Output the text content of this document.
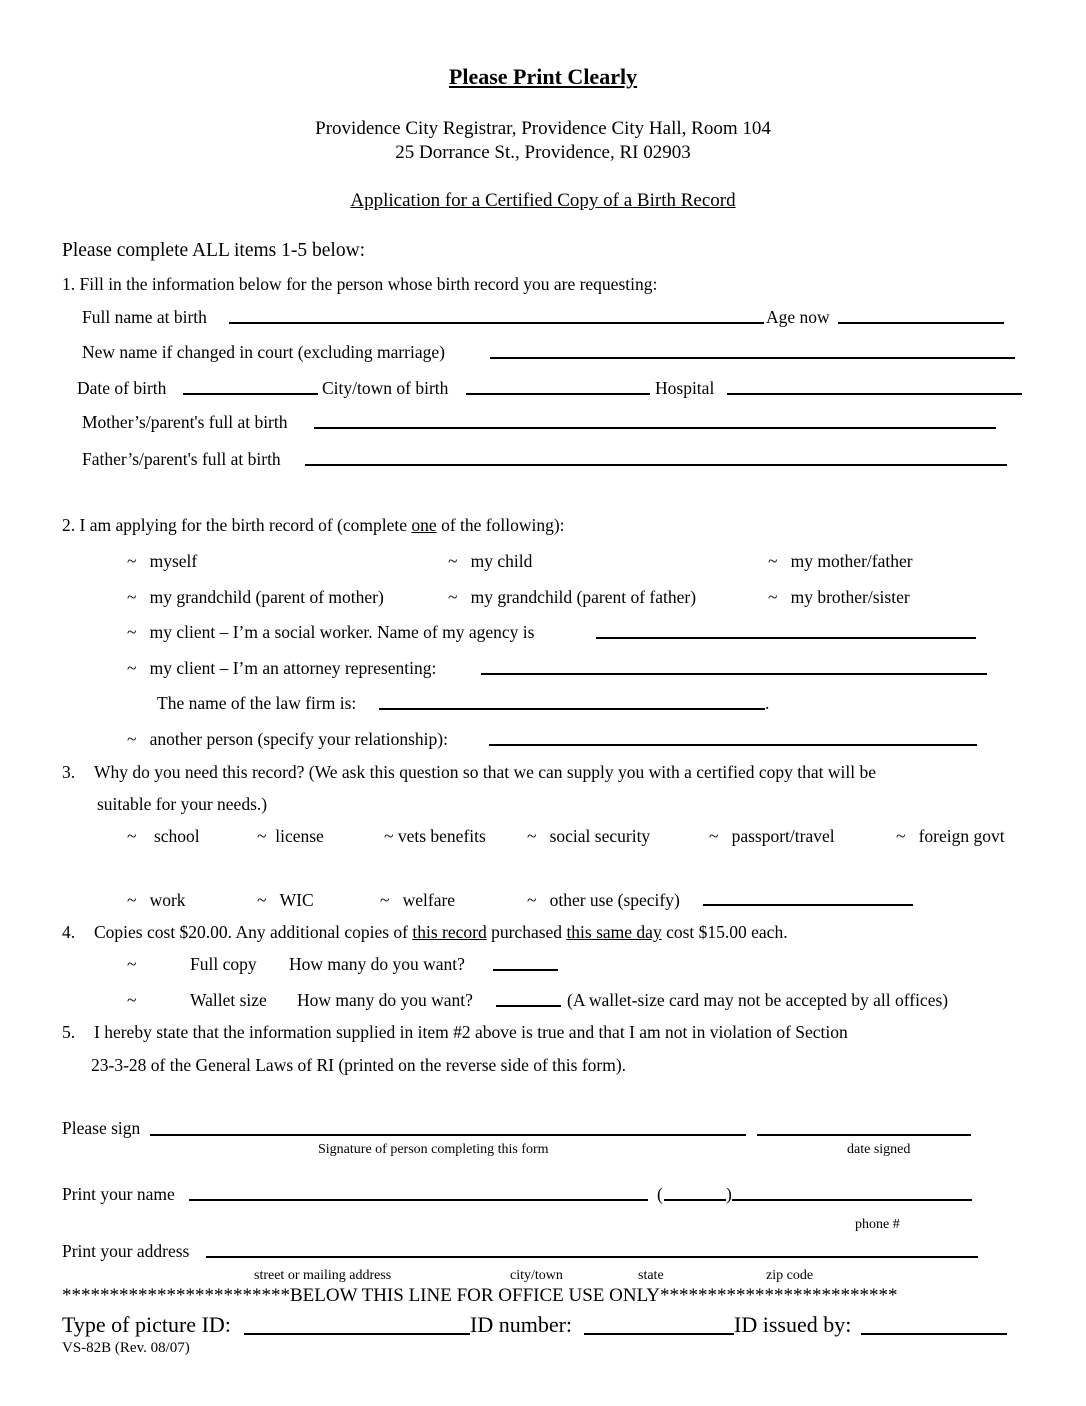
Please Print Clearly
Providence City Registrar, Providence City Hall, Room 104
25 Dorrance St., Providence, RI 02903
Application for a Certified Copy of a Birth Record
Please complete ALL items 1-5 below:
1. Fill in the information below for the person whose birth record you are requesting:
Full name at birth	Age now
New name if changed in court (excluding marriage)
Date of birth	City/town of birth	Hospital
Mother’s/parent's full at birth
Father’s/parent's full at birth
2. I am applying for the birth record of (complete one of the following):
~ myself	~ my child	~ my mother/father
~ my grandchild (parent of mother)	~ my grandchild (parent of father)	~ my brother/sister
~ my client – I’m a social worker. Name of my agency is
~ my client – I’m an attorney representing:
The name of the law firm is:	.
~ another person (specify your relationship):
3. Why do you need this record? (We ask this question so that we can supply you with a certified copy that will be
suitable for your needs.)
~ school	~ license	~ vets benefits ~ social security	~ passport/travel	~ foreign govt
~ work	~ WIC	~ welfare	~ other use (specify)
4. Copies cost $20.00. Any additional copies of this record purchased this same day cost $15.00 each.
~	Full copy How many do you want?
~	Wallet size How many do you want?	(A wallet-size card may not be accepted by all offices)
5. I hereby state that the information supplied in item #2 above is true and that I am not in violation of Section
23-3-28 of the General Laws of RI (printed on the reverse side of this form).
Please sign
Signature of person completing this form	date signed
Print your name	(	)
phone #
Print your address
street or mailing address	city/town	state	zip code
************************BELOW THIS LINE FOR OFFICE USE ONLY*************************
Type of picture ID:	ID number:	ID issued by:
VS-82B (Rev. 08/07)
